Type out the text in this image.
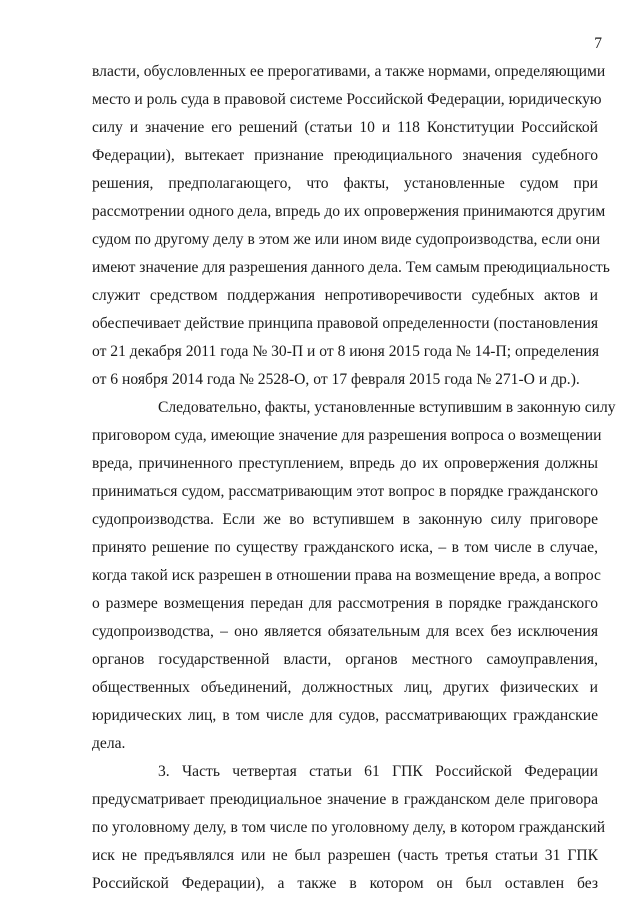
7
власти, обусловленных ее прерогативами, а также нормами, определяющими
место и роль суда в правовой системе Российской Федерации, юридическую
силу и значение его решений (статьи 10 и 118 Конституции Российской
Федерации), вытекает признание преюдициального значения судебного
решения, предполагающего, что факты, установленные судом при
рассмотрении одного дела, впредь до их опровержения принимаются другим
судом по другому делу в этом же или ином виде судопроизводства, если они
имеют значение для разрешения данного дела. Тем самым преюдициальность
служит средством поддержания непротиворечивости судебных актов и
обеспечивает действие принципа правовой определенности (постановления
от 21 декабря 2011 года № 30-П и от 8 июня 2015 года № 14-П; определения
от 6 ноября 2014 года № 2528-О, от 17 февраля 2015 года № 271-О и др.).
Следовательно, факты, установленные вступившим в законную силу
приговором суда, имеющие значение для разрешения вопроса о возмещении
вреда, причиненного преступлением, впредь до их опровержения должны
приниматься судом, рассматривающим этот вопрос в порядке гражданского
судопроизводства. Если же во вступившем в законную силу приговоре
принято решение по существу гражданского иска, – в том числе в случае,
когда такой иск разрешен в отношении права на возмещение вреда, а вопрос
о размере возмещения передан для рассмотрения в порядке гражданского
судопроизводства, – оно является обязательным для всех без исключения
органов государственной власти, органов местного самоуправления,
общественных объединений, должностных лиц, других физических и
юридических лиц, в том числе для судов, рассматривающих гражданские
дела.
3. Часть четвертая статьи 61 ГПК Российской Федерации
предусматривает преюдициальное значение в гражданском деле приговора
по уголовному делу, в том числе по уголовному делу, в котором гражданский
иск не предъявлялся или не был разрешен (часть третья статьи 31 ГПК
Российской Федерации), а также в котором он был оставлен без
